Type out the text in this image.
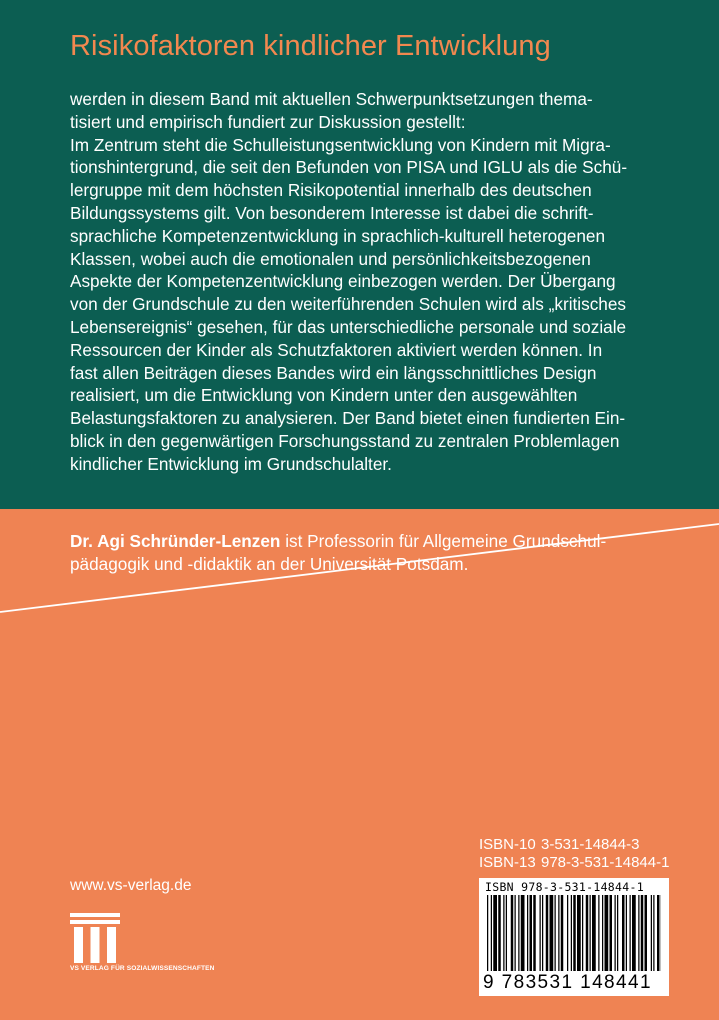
Risikofaktoren kindlicher Entwicklung

werden in diesem Band mit aktuellen Schwerpunktsetzungen thema-
tisiert und empirisch fundiert zur Diskussion gestellt:
Im Zentrum steht die Schulleistungsentwicklung von Kindern mit Migra-
tionshintergrund, die seit den Befunden von PISA und IGLU als die Schü-
lergruppe mit dem höchsten Risikopotential innerhalb des deutschen
Bildungssystems gilt. Von besonderem Interesse ist dabei die schrift-
sprachliche Kompetenzentwicklung in sprachlich-kulturell heterogenen
Klassen, wobei auch die emotionalen und persönlichkeitsbezogenen
Aspekte der Kompetenzentwicklung einbezogen werden. Der Übergang
von der Grundschule zu den weiterführenden Schulen wird als „kritisches
Lebensereignis“ gesehen, für das unterschiedliche personale und soziale
Ressourcen der Kinder als Schutzfaktoren aktiviert werden können. In
fast allen Beiträgen dieses Bandes wird ein längsschnittliches Design
realisiert, um die Entwicklung von Kindern unter den ausgewählten
Belastungsfaktoren zu analysieren. Der Band bietet einen fundierten Ein-
blick in den gegenwärtigen Forschungsstand zu zentralen Problemlagen
kindlicher Entwicklung im Grundschulalter.

Dr. Agi Schründer-Lenzen ist Professorin für Allgemeine Grundschul-
pädagogik und -didaktik an der Universität Potsdam.

ISBN-10 3-531-14844-3
ISBN-13 978-3-531-14844-1
ISBN 978-3-531-14844-1
9 783531 148441
www.vs-verlag.de
VS VERLAG FÜR SOZIALWISSENSCHAFTEN
